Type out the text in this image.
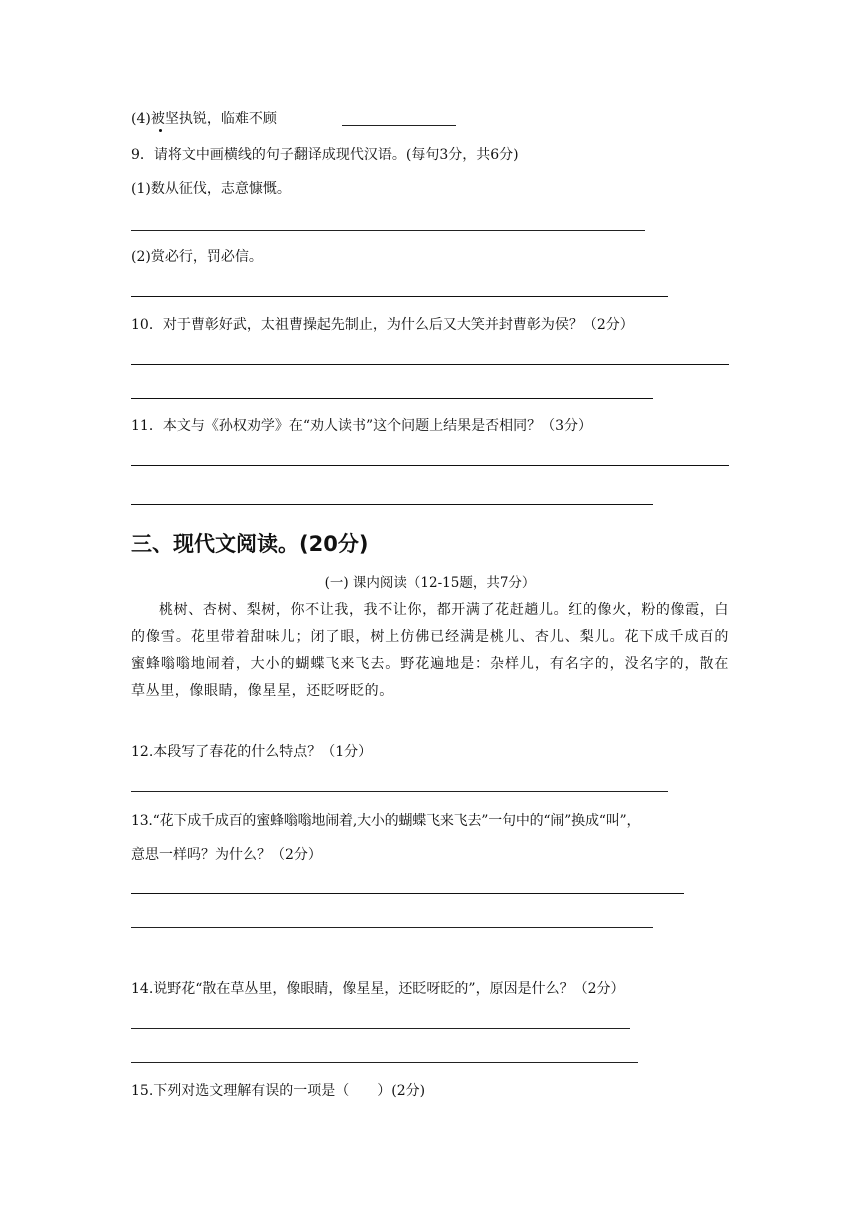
(4)被坚执锐，临难不顾
9．请将文中画横线的句子翻译成现代汉语。(每句3分，共6分)
(1)数从征伐，志意慷慨。
(2)赏必行，罚必信。
10．对于曹彰好武，太祖曹操起先制止，为什么后又大笑并封曹彰为侯？（2分）
11．本文与《孙权劝学》在“劝人读书”这个问题上结果是否相同？（3分）
三、现代文阅读。(20分)
(一) 课内阅读（12-15题，共7分）
桃树、杏树、梨树，你不让我，我不让你，都开满了花赶趟儿。红的像火，粉的像霞，白的像雪。花里带着甜味儿；闭了眼，树上仿佛已经满是桃儿、杏儿、梨儿。花下成千成百的蜜蜂嗡嗡地闹着，大小的蝴蝶飞来飞去。野花遍地是：杂样儿，有名字的，没名字的，散在草丛里，像眼睛，像星星，还眨呀眨的。
12.本段写了春花的什么特点？（1分）
13.“花下成千成百的蜜蜂嗡嗡地闹着,大小的蝴蝶飞来飞去”一句中的“闹”换成“叫”，
意思一样吗？为什么？（2分）
14.说野花“散在草丛里，像眼睛，像星星，还眨呀眨的”，原因是什么？（2分）
15.下列对选文理解有误的一项是（　　）(2分)
